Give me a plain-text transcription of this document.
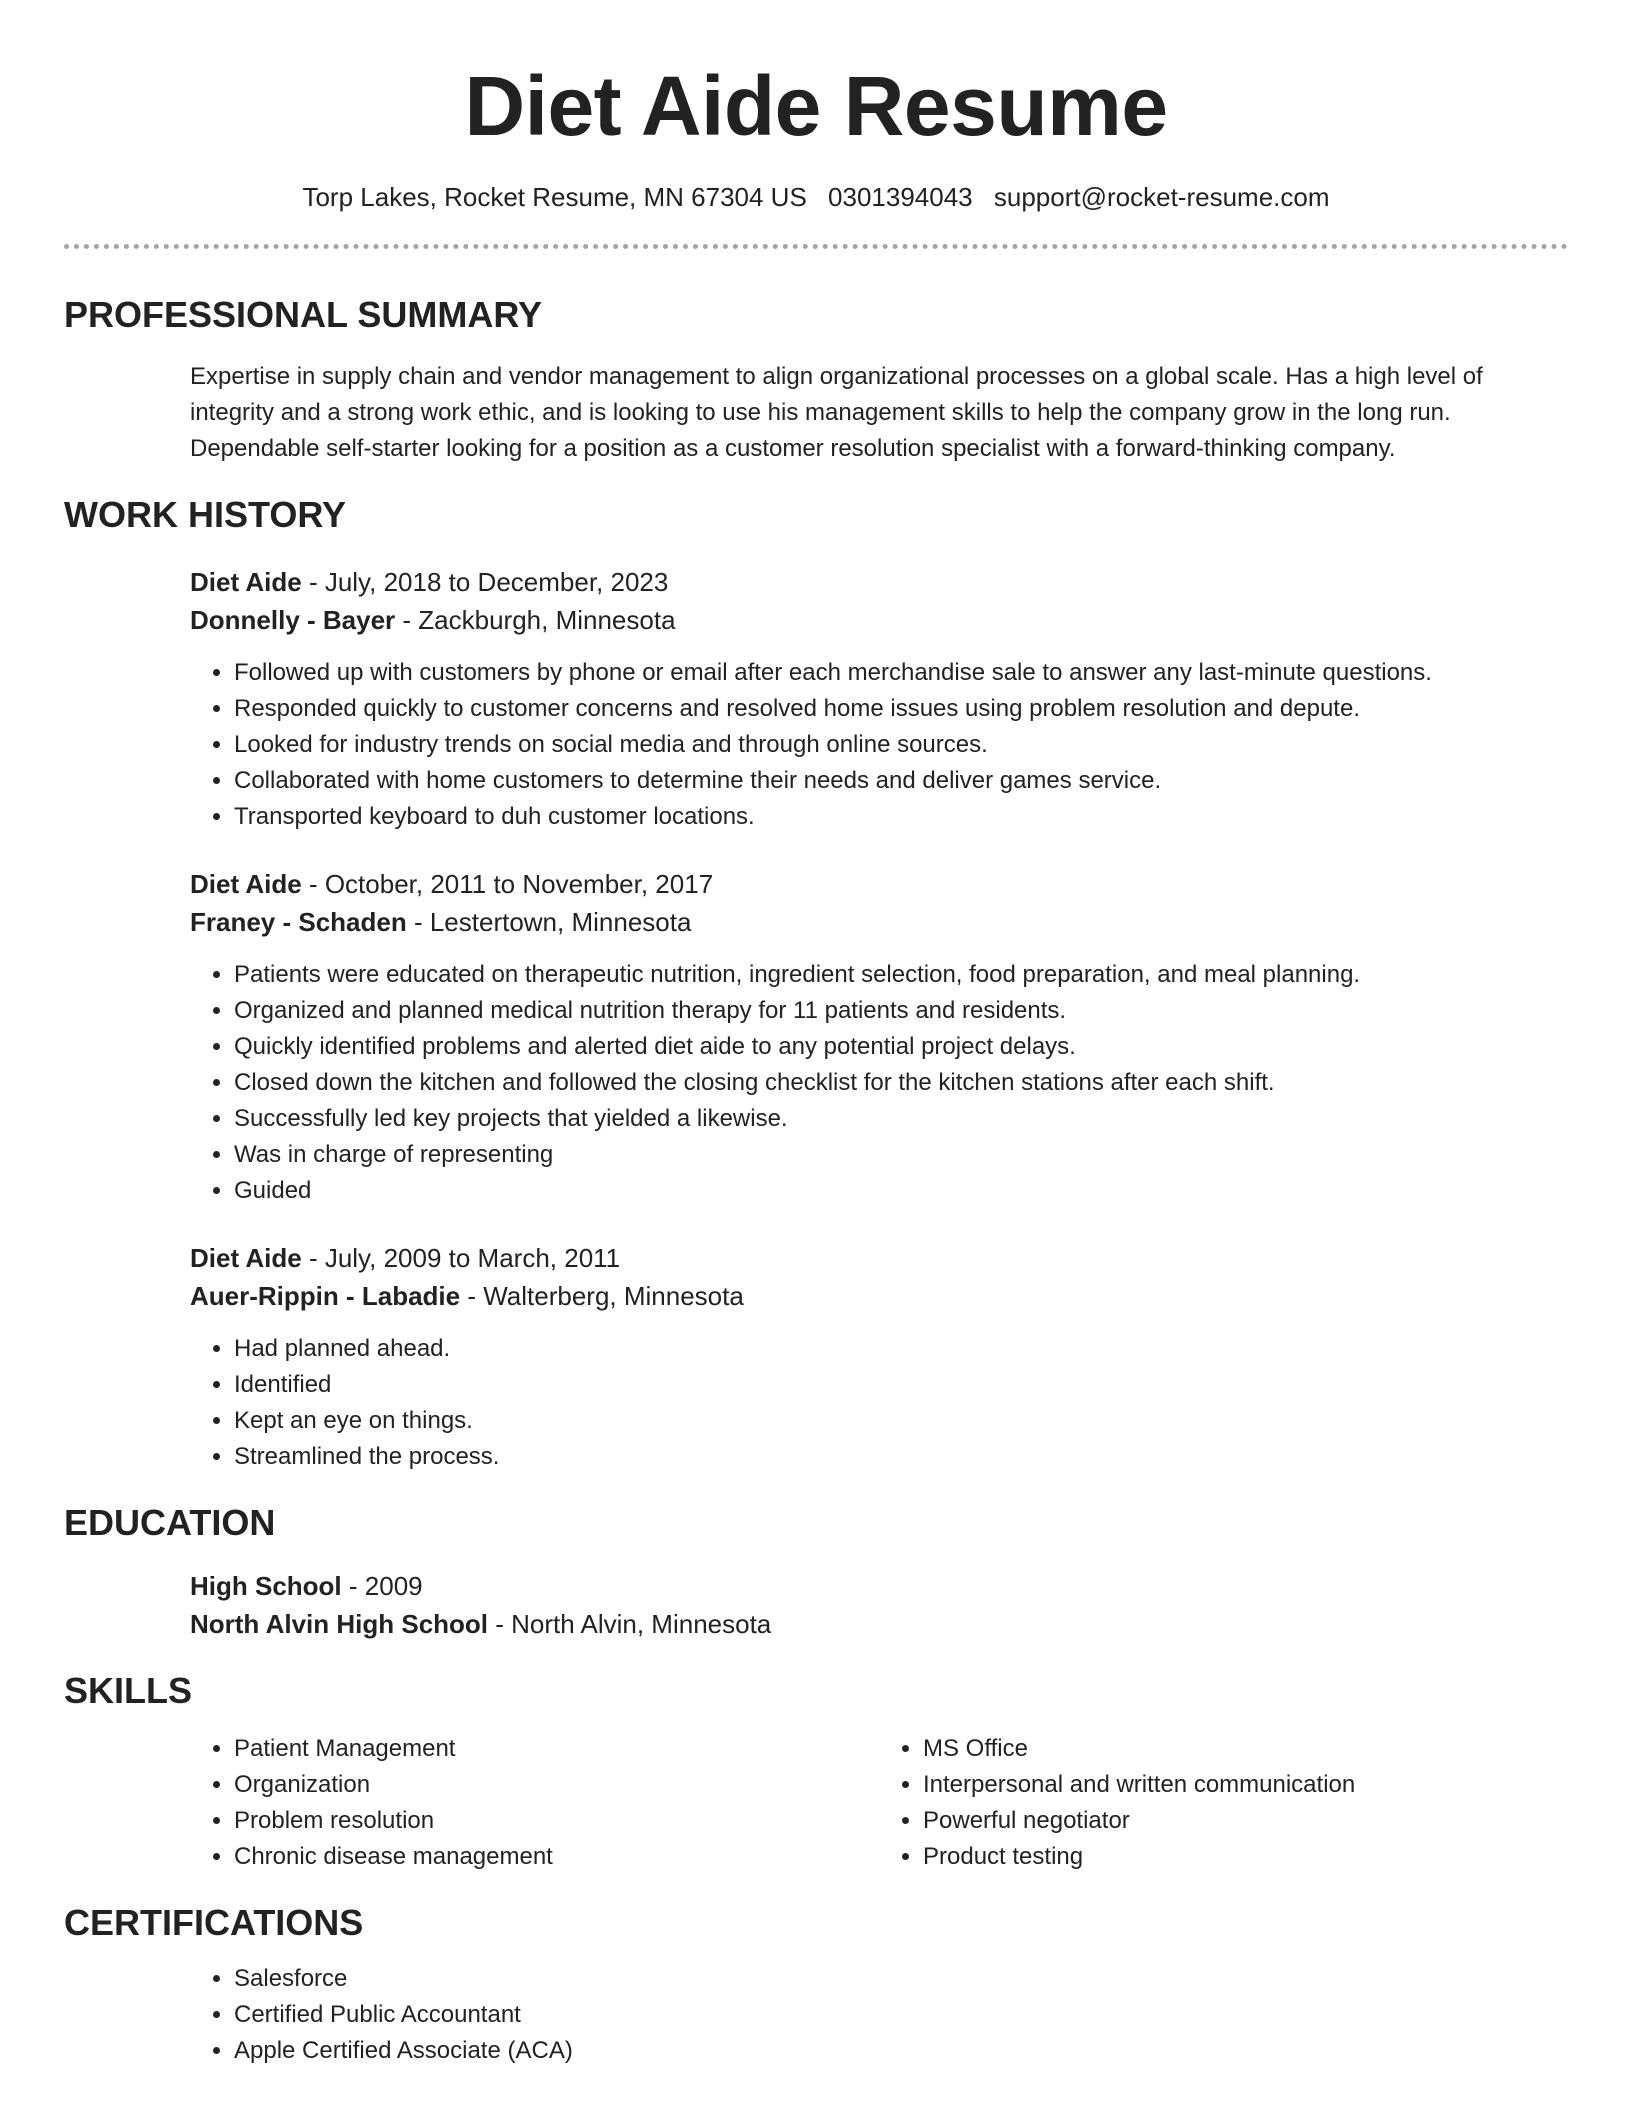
Diet Aide Resume
Torp Lakes, Rocket Resume, MN 67304 US 0301394043 support@rocket-resume.com
PROFESSIONAL SUMMARY

Expertise in supply chain and vendor management to align organizational processes on a global scale. Has a high level of integrity and a strong work ethic, and is looking to use his management skills to help the company grow in the long run. Dependable self-starter looking for a position as a customer resolution specialist with a forward-thinking company.

WORK HISTORY
Diet Aide - July, 2018 to December, 2023
Donnelly - Bayer - Zackburgh, Minnesota
• Followed up with customers by phone or email after each merchandise sale to answer any last-minute questions.
• Responded quickly to customer concerns and resolved home issues using problem resolution and depute.
• Looked for industry trends on social media and through online sources.
• Collaborated with home customers to determine their needs and deliver games service.
• Transported keyboard to duh customer locations.
Diet Aide - October, 2011 to November, 2017
Franey - Schaden - Lestertown, Minnesota
• Patients were educated on therapeutic nutrition, ingredient selection, food preparation, and meal planning.
• Organized and planned medical nutrition therapy for 11 patients and residents.
• Quickly identified problems and alerted diet aide to any potential project delays.
• Closed down the kitchen and followed the closing checklist for the kitchen stations after each shift.
• Successfully led key projects that yielded a likewise.
• Was in charge of representing
• Guided
Diet Aide - July, 2009 to March, 2011
Auer-Rippin - Labadie - Walterberg, Minnesota
• Had planned ahead.
• Identified
• Kept an eye on things.
• Streamlined the process.
EDUCATION
High School - 2009
North Alvin High School - North Alvin, Minnesota
SKILLS
• Patient Management
• Organization
• Problem resolution
• Chronic disease management
• MS Office
• Interpersonal and written communication
• Powerful negotiator
• Product testing
CERTIFICATIONS
• Salesforce
• Certified Public Accountant
• Apple Certified Associate (ACA)
